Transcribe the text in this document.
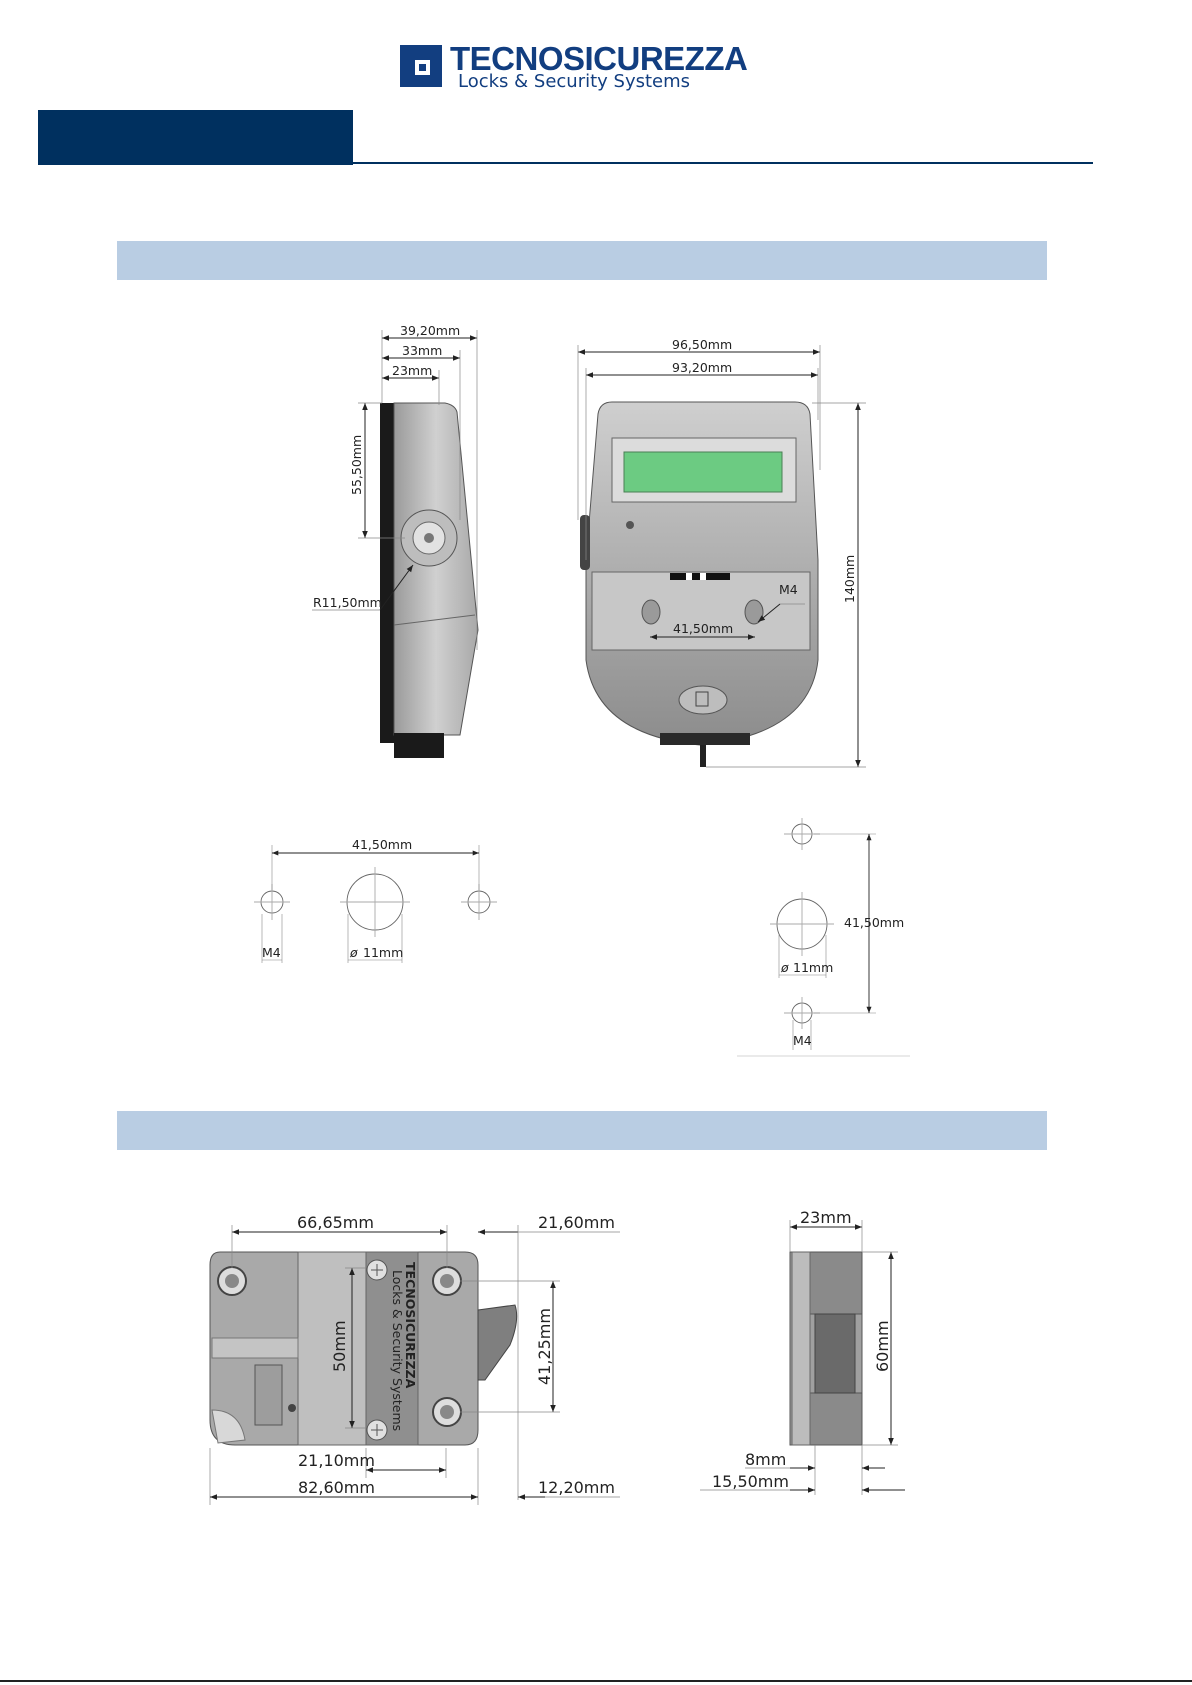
TECNOSICUREZZA
Locks & Security Systems
39,20mm
33mm
23mm
55,50mm
R11,50mm
96,50mm
93,20mm
140mm
M4
41,50mm
41,50mm
M4	ø 11mm
41,50mm
ø 11mm
M4
TECNOSICUREZZA
Locks & Security Systems
66,65mm	21,60mm
50mm	41,25mm
21,10mm
82,60mm	12,20mm
23mm
60mm
8mm
15,50mm
